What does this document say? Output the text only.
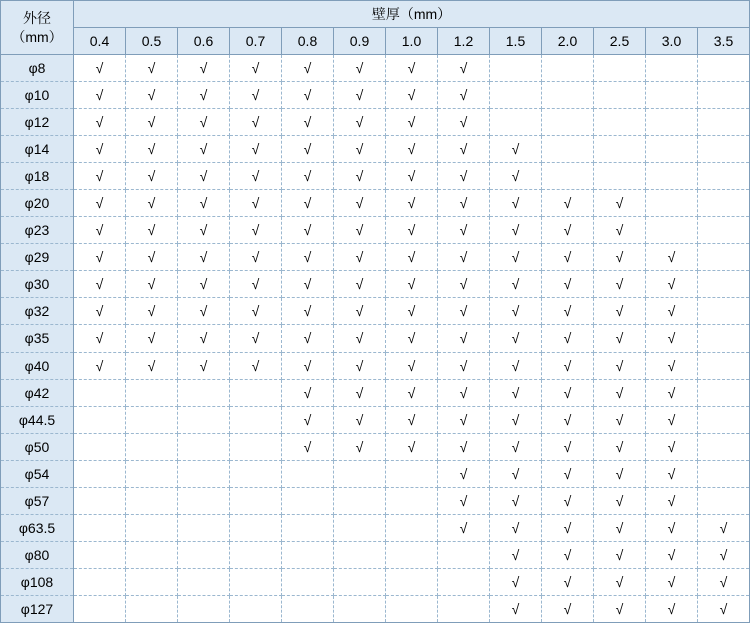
外径
（mm）	壁厚（mm）												
	0.4	0.5	0.6	0.7	0.8	0.9	1.0	1.2	1.5	2.0	2.5	3.0	3.5
φ8	√	√	√	√	√	√	√	√					
φ10	√	√	√	√	√	√	√	√					
φ12	√	√	√	√	√	√	√	√					
φ14	√	√	√	√	√	√	√	√	√				
φ18	√	√	√	√	√	√	√	√	√				
φ20	√	√	√	√	√	√	√	√	√	√	√		
φ23	√	√	√	√	√	√	√	√	√	√	√		
φ29	√	√	√	√	√	√	√	√	√	√	√	√	
φ30	√	√	√	√	√	√	√	√	√	√	√	√	
φ32	√	√	√	√	√	√	√	√	√	√	√	√	
φ35	√	√	√	√	√	√	√	√	√	√	√	√	
φ40	√	√	√	√	√	√	√	√	√	√	√	√	
φ42					√	√	√	√	√	√	√	√	
φ44.5					√	√	√	√	√	√	√	√	
φ50					√	√	√	√	√	√	√	√	
φ54								√	√	√	√	√	
φ57								√	√	√	√	√	
φ63.5								√	√	√	√	√	√
φ80									√	√	√	√	√
φ108									√	√	√	√	√
φ127									√	√	√	√	√
